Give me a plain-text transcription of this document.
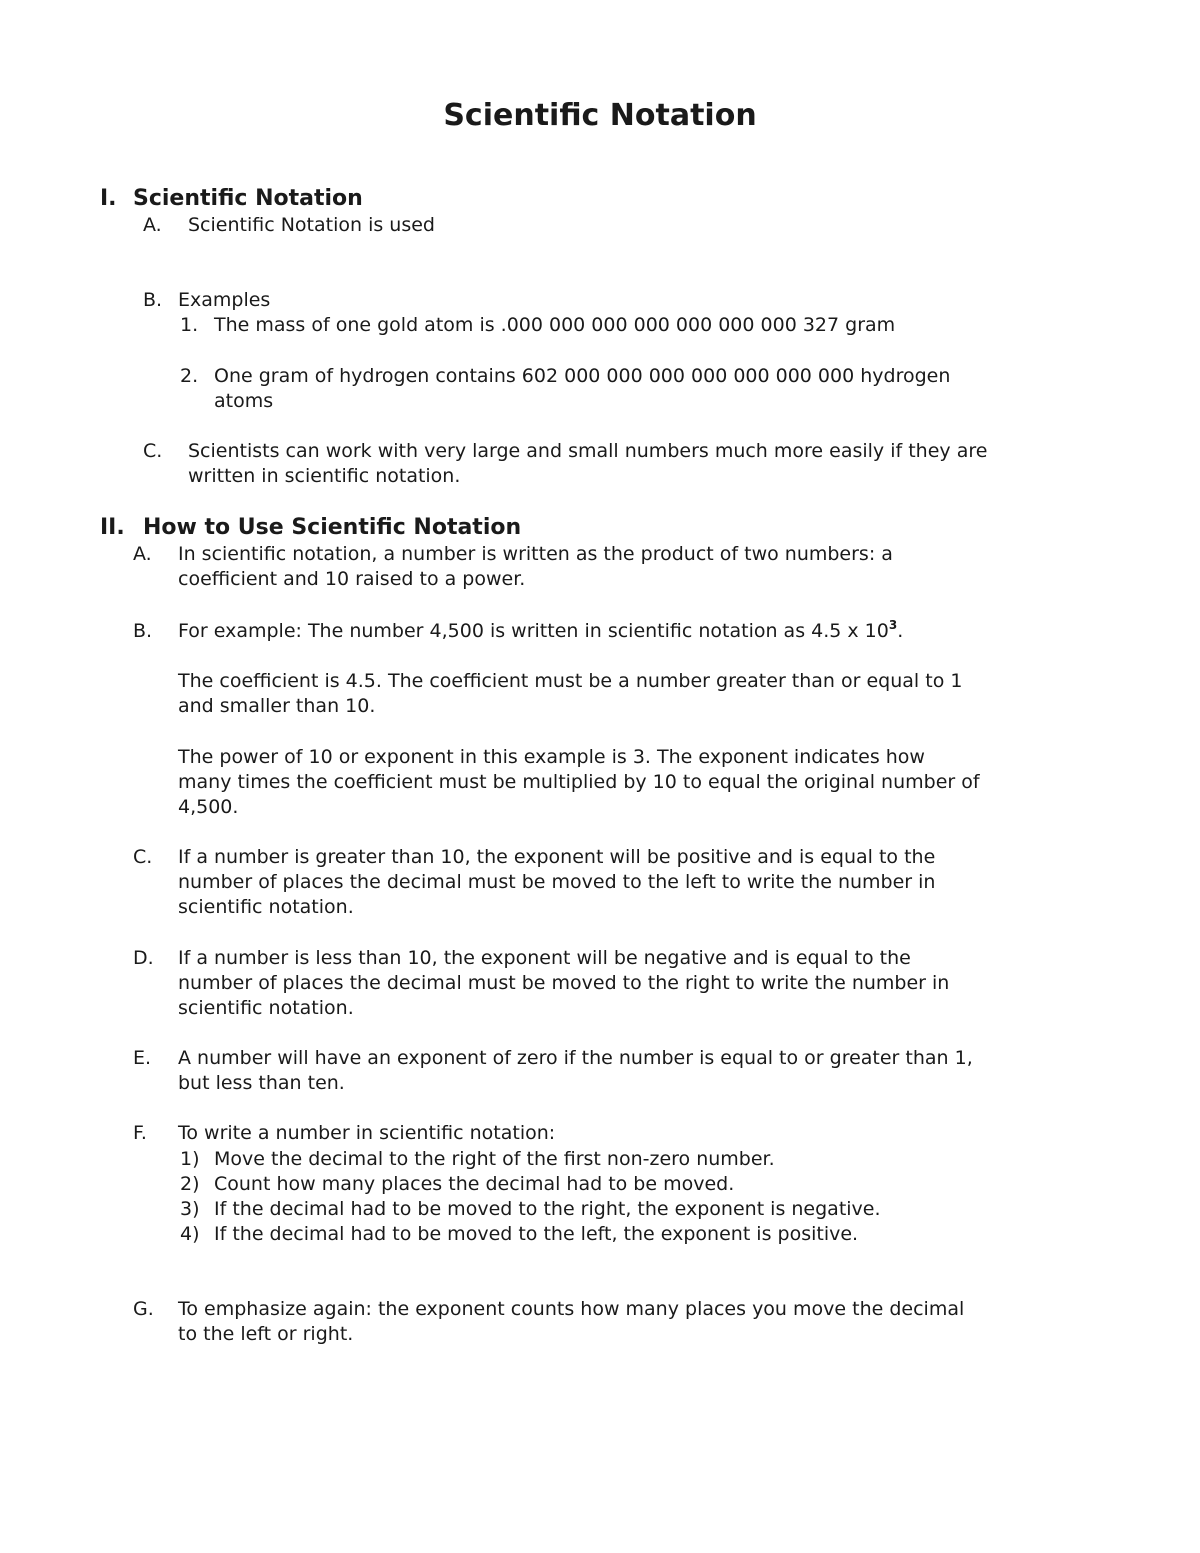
Scientific Notation
I. Scientific Notation
A. Scientific Notation is used
B. Examples
1. The mass of one gold atom is .000 000 000 000 000 000 000 327 gram
2. One gram of hydrogen contains 602 000 000 000 000 000 000 000 hydrogen
atoms
C. Scientists can work with very large and small numbers much more easily if they are
written in scientific notation.
II. How to Use Scientific Notation
A. In scientific notation, a number is written as the product of two numbers: a
coefficient and 10 raised to a power.
B. For example: The number 4,500 is written in scientific notation as 4.5 x $10^3$.
The coefficient is 4.5. The coefficient must be a number greater than or equal to 1
and smaller than 10.
The power of 10 or exponent in this example is 3. The exponent indicates how
many times the coefficient must be multiplied by 10 to equal the original number of
4,500.
C. If a number is greater than 10, the exponent will be positive and is equal to the
number of places the decimal must be moved to the left to write the number in
scientific notation.
D. If a number is less than 10, the exponent will be negative and is equal to the
number of places the decimal must be moved to the right to write the number in
scientific notation.
E. A number will have an exponent of zero if the number is equal to or greater than 1,
but less than ten.
F. To write a number in scientific notation:
1) Move the decimal to the right of the first non-zero number.
2) Count how many places the decimal had to be moved.
3) If the decimal had to be moved to the right, the exponent is negative.
4) If the decimal had to be moved to the left, the exponent is positive.
G. To emphasize again: the exponent counts how many places you move the decimal
to the left or right.
